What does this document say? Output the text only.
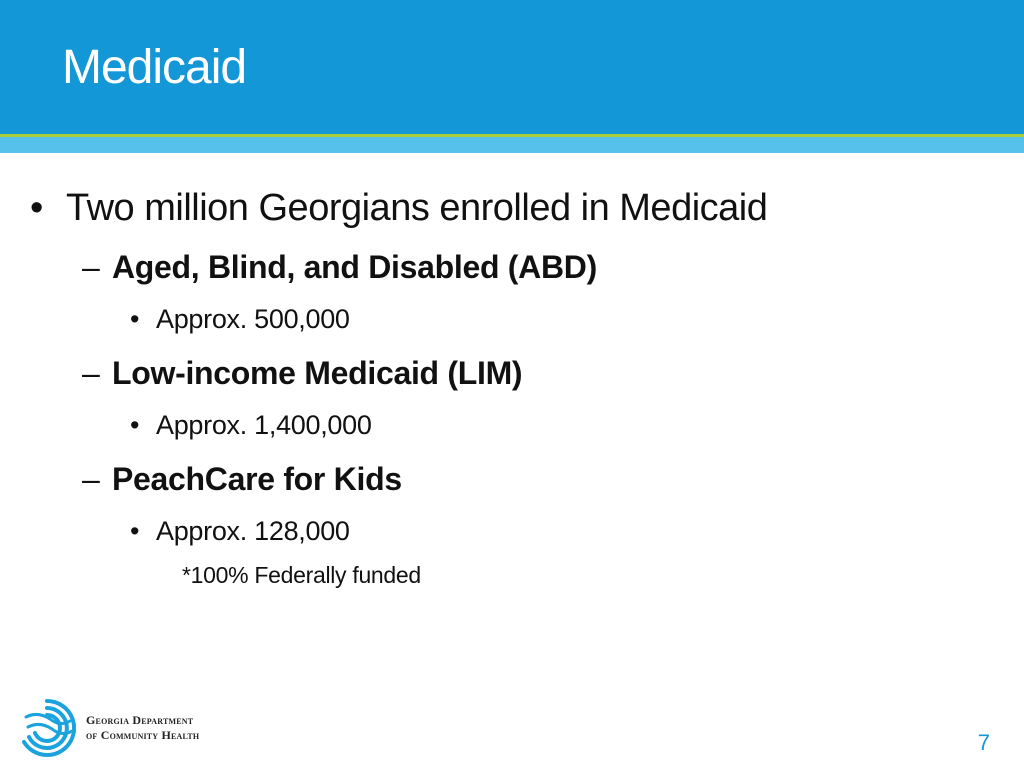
Medicaid
• Two million Georgians enrolled in Medicaid
– Aged, Blind, and Disabled (ABD)
• Approx. 500,000
– Low-income Medicaid (LIM)
• Approx. 1,400,000
– PeachCare for Kids
• Approx. 128,000
*100% Federally funded
Georgia Department
of Community Health	7
